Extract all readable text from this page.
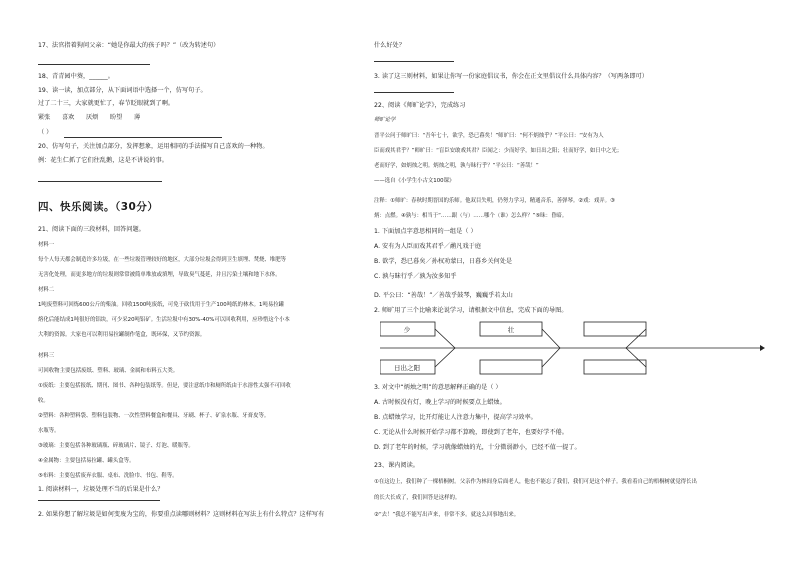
17、法官指着狗问父亲：“她是你最大的孩子吗？”（改为转述句）
18、青青园中葵，______。
19、读一读，加点部分，从下面词语中选择一个，仿写句子。
过了二十三，大家就更忙了，春节眨眼就到了啊。
紧张 喜欢 厌烦 盼望 薄
（ ）
20、仿写句子，关注加点部分，发挥想象，运用相同的手法描写自己喜欢的一种物。
例：花生仁抓了它们往乱鹅，这是不讲说的事。
四、快乐阅读。（30分）
21、阅读下面的三段材料，回答问题。
材料一
每个人每天都会制造许多垃圾，在一些垃圾管理较好的地区，大部分垃圾会得到卫生填埋、焚烧、堆肥等
无害化处理，而更多地方的垃圾则常常被简单堆放或填埋，导致臭气蔓延，并且污染土壤和地下水体。
材料二
1吨废塑料可回炼600公斤的柴油。回收1500吨废纸，可免于砍伐用于生产100吨纸的林木。1吨易拉罐
熔化后能结成1吨很好的铝块，可少采20吨铝矿。生活垃圾中有30%-40%可以回收利用，应珍惜这个小本
大利的资源。大家也可以利用易拉罐制作笔盒，既环保，又节约资源。
材料三
可回收物主要包括废纸、塑料、玻璃、金属和布料五大类。
①废纸：主要包括报纸、期刊、图书、各种包装纸等。但是，要注意纸巾和厕所纸由于水溶性太强不可回收
收。
②塑料：各种塑料袋、塑料包装物、一次性塑料餐盒和餐具、牙刷、杯子、矿泉水瓶、牙膏皮等。
水瓶等。
③玻璃：主要包括各种玻璃瓶、碎玻璃片、镜子、灯泡、暖瓶等。
④金属物：主要包括易拉罐、罐头盒等。
⑤布料：主要包括废弃衣服、桌布、洗脸巾、书包、鞋等。
1. 阅读材料一，垃圾处理不当的后果是什么？
2. 如果你想了解垃圾是如何变废为宝的，你要重点读哪则材料？这则材料在写法上有什么特点？这样写有
什么好处？
3. 读了这三则材料，如果让你写一份家庭倡议书，你会在正文里倡议什么具体内容？（写两条即可）
22、阅读《师旷论学》，完成练习
师旷论学
晋平公问于师旷曰：“吾年七十，欲学，恐已暮矣！”师旷曰：“何不炳烛乎？”平公曰：“安有为人
臣而戏其君乎？”师旷曰：“盲臣安敢戏其君？臣闻之：少而好学，如日出之阳；壮而好学，如日中之光；
老而好学，如炳烛之明。炳烛之明，孰与昧行乎？”平公曰：“善哉！”
——选自《小学生小古文100课》
注释：①师旷：春秋时期晋国的乐师。他双目失明，仍努力学习，精通音乐，善弹琴。②戏：戏弄。③
炳：点燃。④孰与：相当于“……跟（与）……哪个（谁）怎么样？”⑤昧：昏暗。
1. 下面加点字意思相同的一组是（ ）
A. 安有为人臣而戏其君乎／鹬凡戏于庭
B. 欲学，恐已暮矣／孙权劝蒙曰，日暮乡关何处是
C. 孰与昧行乎／孰为汝多知乎
D. 平公曰：“善哉！”／善哉乎鼓琴，巍巍乎若太山
2. 师旷用了三个比喻来论说学习，请根据文中信息，完成下面的导图。
少	壮
日出之阳
3. 对文中“炳烛之明”的意思解释正确的是（ ）
A. 古时候没有灯，晚上学习的时候要点上蜡烛。
B. 点蜡烛学习，比开灯能让人注意力集中，提高学习效率。
C. 无论从什么时候开始学习都不算晚，即使到了老年，也要好学不倦。
D. 到了老年的时候，学习就像蜡烛的光，十分微弱渺小，已经不值一提了。
23、课内阅读。
①在这边上，我们种了一棵梧桐树。父亲作为林间身后面老人，他也不能忘了我们，我们可是这个样子。我看着自己的梧桐树就觉得长出
的长大长成了，我们回答是这样的。
②“去！”我总不能写出声来，非常不多。就这么回事地出来。
